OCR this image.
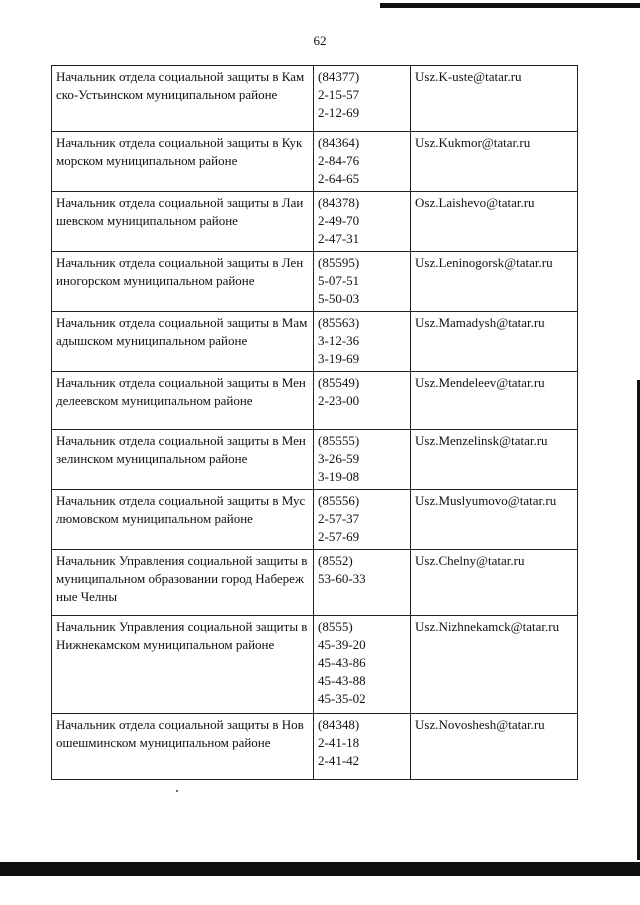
62
Начальник отдела социальной защиты в Камско-Устьинском муниципальном районе	(84377)
2-15-57
2-12-69	Usz.K-uste@tatar.ru
Начальник отдела социальной защиты в Кукморском муниципальном районе	(84364)
2-84-76
2-64-65	Usz.Kukmor@tatar.ru
Начальник отдела социальной защиты в Лаишевском муниципальном районе	(84378)
2-49-70
2-47-31	Osz.Laishevo@tatar.ru
Начальник отдела социальной защиты в Лениногорском муниципальном районе	(85595)
5-07-51
5-50-03	Usz.Leninogorsk@tatar.ru
Начальник отдела социальной защиты в Мамадышском муниципальном районе	(85563)
3-12-36
3-19-69	Usz.Mamadysh@tatar.ru
Начальник отдела социальной защиты в Менделеевском муниципальном районе	(85549)
2-23-00	Usz.Mendeleev@tatar.ru
Начальник отдела социальной защиты в Мензелинском муниципальном районе	(85555)
3-26-59
3-19-08	Usz.Menzelinsk@tatar.ru
Начальник отдела социальной защиты в Муслюмовском муниципальном районе	(85556)
2-57-37
2-57-69	Usz.Muslyumovo@tatar.ru
Начальник Управления социальной защиты в муниципальном образовании город Набережные Челны	(8552)
53-60-33	Usz.Chelny@tatar.ru
Начальник Управления социальной защиты в Нижнекамском муниципальном районе	(8555)
45-39-20
45-43-86
45-43-88
45-35-02	Usz.Nizhnekamck@tatar.ru
Начальник отдела социальной защиты в Новошешминском муниципальном районе	(84348)
2-41-18
2-41-42	Usz.Novoshesh@tatar.ru
